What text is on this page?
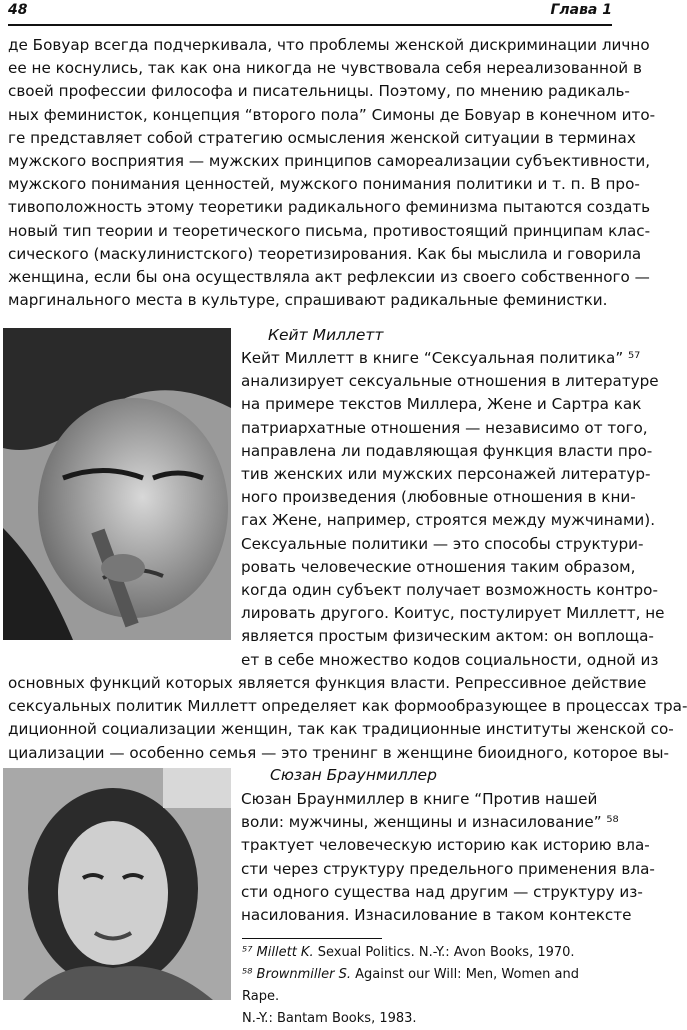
48	Глава 1
де Бовуар всегда подчеркивала, что проблемы женской дискриминации лично
ее не коснулись, так как она никогда не чувствовала себя нереализованной в
своей профессии философа и писательницы. Поэтому, по мнению радикаль-
ных феминисток, концепция “второго пола” Симоны де Бовуар в конечном ито-
ге представляет собой стратегию осмысления женской ситуации в терминах
мужского восприятия — мужских принципов самореализации субъективности,
мужского понимания ценностей, мужского понимания политики и т. п. В про-
тивоположность этому теоретики радикального феминизма пытаются создать
новый тип теории и теоретического письма, противостоящий принципам клас-
сического (маскулинистского) теоретизирования. Как бы мыслила и говорила
женщина, если бы она осуществляла акт рефлексии из своего собственного —
маргинального места в культуре, спрашивают радикальные феминистки.
Кейт Миллетт
Кейт Миллетт в книге “Сексуальная политика” ⁵⁷
анализирует сексуальные отношения в литературе
на примере текстов Миллера, Жене и Сартра как
патриархатные отношения — независимо от того,
направлена ли подавляющая функция власти про-
тив женских или мужских персонажей литератур-
ного произведения (любовные отношения в кни-
гах Жене, например, строятся между мужчинами).
Сексуальные политики — это способы структури-
ровать человеческие отношения таким образом,
когда один субъект получает возможность контро-
лировать другого. Коитус, постулирует Миллетт, не
является простым физическим актом: он воплоща-
ет в себе множество кодов социальности, одной из
основных функций которых является функция власти. Репрессивное действие
сексуальных политик Миллетт определяет как формообразующее в процессах тра-
диционной социализации женщин, так как традиционные институты женской со-
циализации — особенно семья — это тренинг в женщине биоидного, которое вы-
Сюзан Браунмиллер
Сюзан Браунмиллер в книге “Против нашей
воли: мужчины, женщины и изнасилование” ⁵⁸
трактует человеческую историю как историю вла-
сти через структуру предельного применения вла-
сти одного существа над другим — структуру из-
насилования. Изнасилование в таком контексте
⁵⁷ Millett K. Sexual Politics. N.-Y.: Avon Books, 1970.
⁵⁸ Brownmiller S. Against our Will: Men, Women and Rape.
N.-Y.: Bantam Books, 1983.
